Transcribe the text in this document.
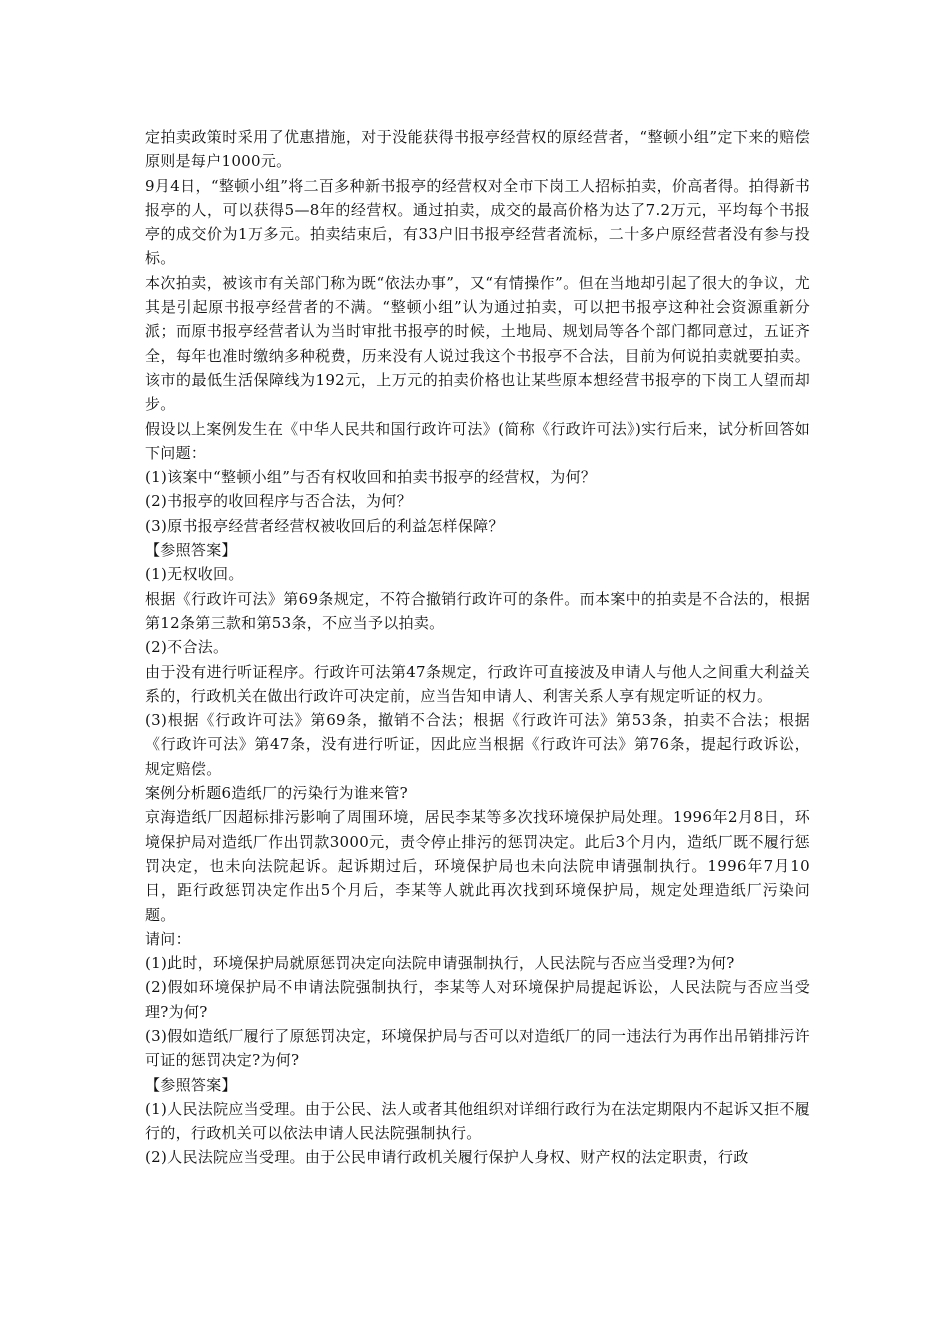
定拍卖政策时采用了优惠措施，对于没能获得书报亭经营权的原经营者，“整顿小组”定下来的赔偿原则是每户1000元。

9月4日，“整顿小组”将二百多种新书报亭的经营权对全市下岗工人招标拍卖，价高者得。拍得新书报亭的人，可以获得5—8年的经营权。通过拍卖，成交的最高价格为达了7.2万元，平均每个书报亭的成交价为1万多元。拍卖结束后，有33户旧书报亭经营者流标，二十多户原经营者没有参与投标。

本次拍卖，被该市有关部门称为既“依法办事”，又“有情操作”。但在当地却引起了很大的争议，尤其是引起原书报亭经营者的不满。“整顿小组”认为通过拍卖，可以把书报亭这种社会资源重新分派；而原书报亭经营者认为当时审批书报亭的时候，土地局、规划局等各个部门都同意过，五证齐全，每年也准时缴纳多种税费，历来没有人说过我这个书报亭不合法，目前为何说拍卖就要拍卖。该市的最低生活保障线为192元，上万元的拍卖价格也让某些原本想经营书报亭的下岗工人望而却步。

假设以上案例发生在《中华人民共和国行政许可法》(简称《行政许可法》)实行后来，试分析回答如下问题：

(1)该案中“整顿小组”与否有权收回和拍卖书报亭的经营权，为何？

(2)书报亭的收回程序与否合法，为何？

(3)原书报亭经营者经营权被收回后的利益怎样保障？

【参照答案】

(1)无权收回。

根据《行政许可法》第69条规定，不符合撤销行政许可的条件。而本案中的拍卖是不合法的，根据第12条第三款和第53条，不应当予以拍卖。

(2)不合法。

由于没有进行听证程序。行政许可法第47条规定，行政许可直接波及申请人与他人之间重大利益关系的，行政机关在做出行政许可决定前，应当告知申请人、利害关系人享有规定听证的权力。

(3)根据《行政许可法》第69条，撤销不合法；根据《行政许可法》第53条，拍卖不合法；根据《行政许可法》第47条，没有进行听证，因此应当根据《行政许可法》第76条，提起行政诉讼，规定赔偿。

案例分析题6造纸厂的污染行为谁来管?

京海造纸厂因超标排污影响了周围环境，居民李某等多次找环境保护局处理。1996年2月8日，环境保护局对造纸厂作出罚款3000元，责令停止排污的惩罚决定。此后3个月内，造纸厂既不履行惩罚决定，也未向法院起诉。起诉期过后，环境保护局也未向法院申请强制执行。1996年7月10日，距行政惩罚决定作出5个月后，李某等人就此再次找到环境保护局，规定处理造纸厂污染问题。

请问：

(1)此时，环境保护局就原惩罚决定向法院申请强制执行，人民法院与否应当受理?为何?

(2)假如环境保护局不申请法院强制执行，李某等人对环境保护局提起诉讼，人民法院与否应当受理?为何?

(3)假如造纸厂履行了原惩罚决定，环境保护局与否可以对造纸厂的同一违法行为再作出吊销排污许可证的惩罚决定?为何?

【参照答案】

(1)人民法院应当受理。由于公民、法人或者其他组织对详细行政行为在法定期限内不起诉又拒不履行的，行政机关可以依法申请人民法院强制执行。

(2)人民法院应当受理。由于公民申请行政机关履行保护人身权、财产权的法定职责，行政
